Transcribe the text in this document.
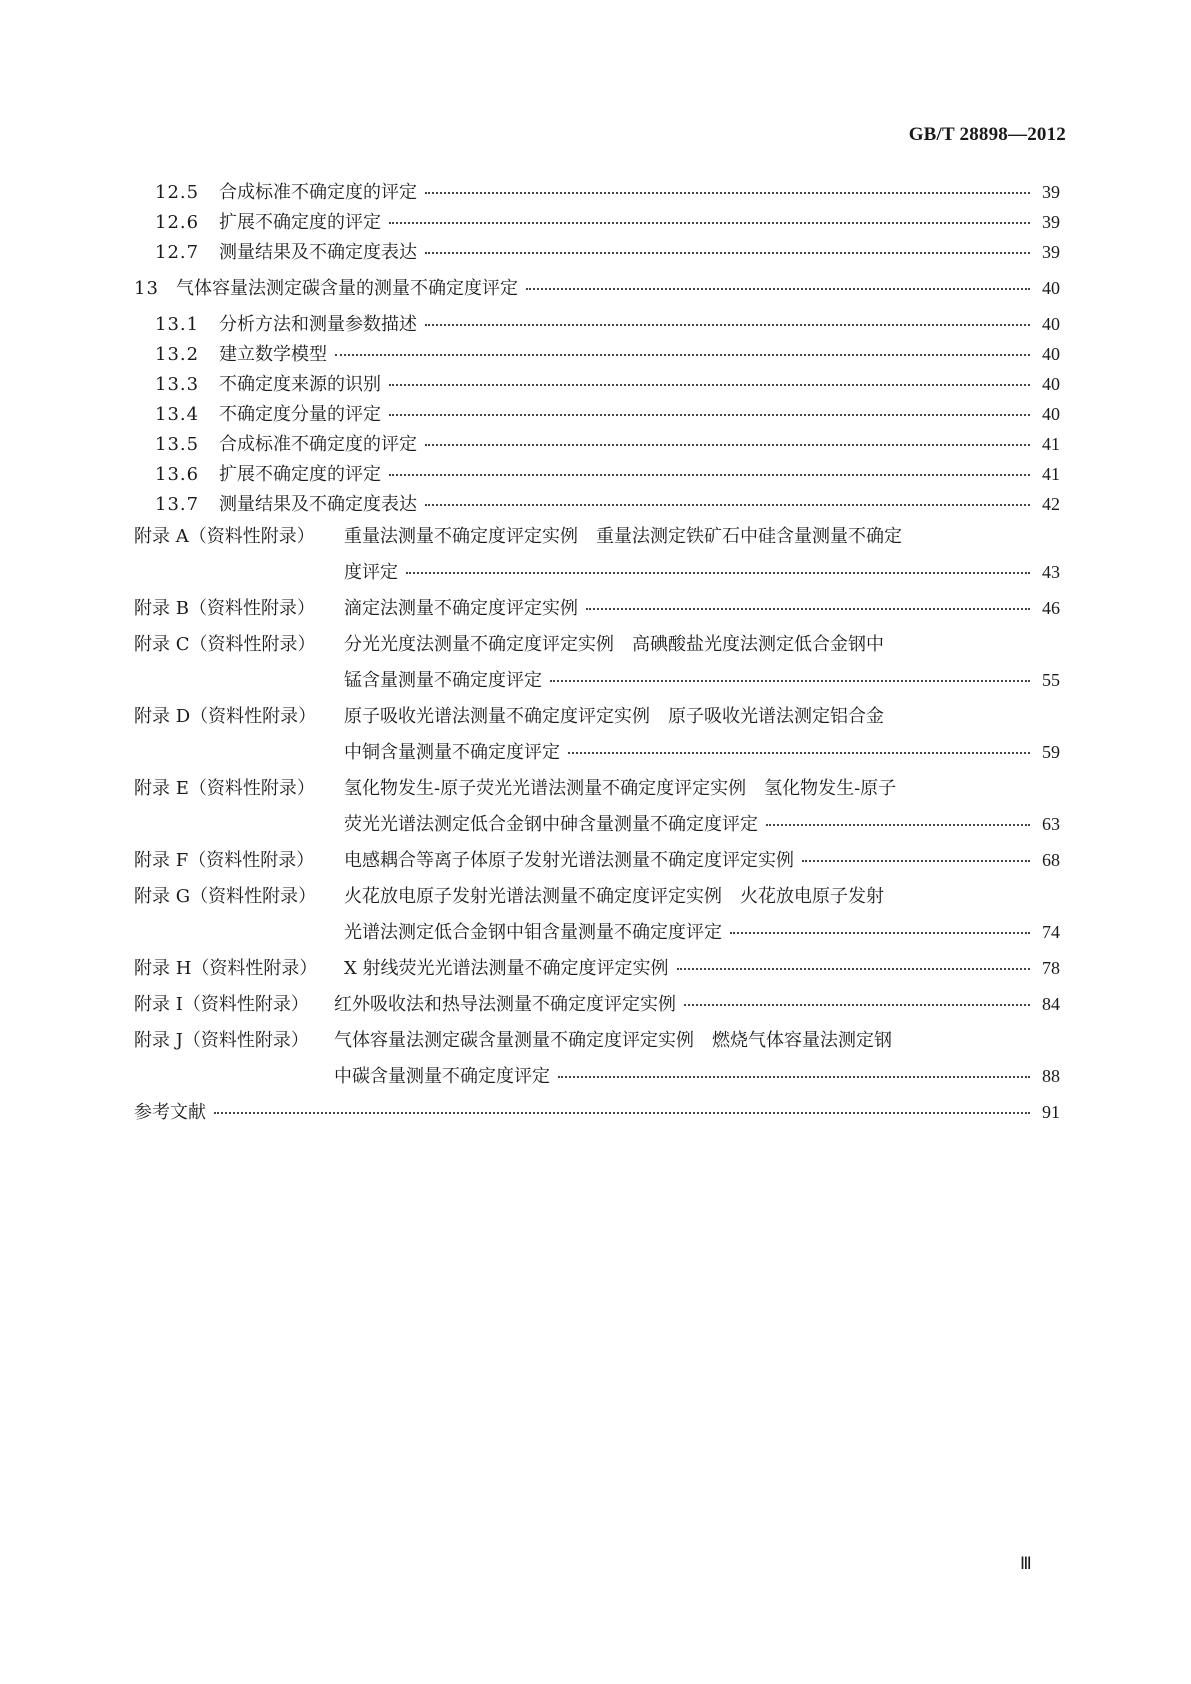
GB/T 28898—2012
12.5	合成标准不确定度的评定	39
12.6	扩展不确定度的评定	39
12.7	测量结果及不确定度表达	39
13 气体容量法测定碳含量的测量不确定度评定	40
13.1	分析方法和测量参数描述	40
13.2	建立数学模型	40
13.3	不确定度来源的识别	40
13.4	不确定度分量的评定	40
13.5	合成标准不确定度的评定	41
13.6	扩展不确定度的评定	41
13.7	测量结果及不确定度表达	42
附录 A（资料性附录）	重量法测量不确定度评定实例　重量法测定铁矿石中硅含量测量不确定
度评定	43
附录 B（资料性附录）	滴定法测量不确定度评定实例	46
附录 C（资料性附录）	分光光度法测量不确定度评定实例　高碘酸盐光度法测定低合金钢中
锰含量测量不确定度评定	55
附录 D（资料性附录）	原子吸收光谱法测量不确定度评定实例　原子吸收光谱法测定铝合金
中铜含量测量不确定度评定	59
附录 E（资料性附录）	氢化物发生-原子荧光光谱法测量不确定度评定实例　氢化物发生-原子
荧光光谱法测定低合金钢中砷含量测量不确定度评定	63
附录 F（资料性附录）	电感耦合等离子体原子发射光谱法测量不确定度评定实例	68
附录 G（资料性附录）	火花放电原子发射光谱法测量不确定度评定实例　火花放电原子发射
光谱法测定低合金钢中钼含量测量不确定度评定	74
附录 H（资料性附录）	X 射线荧光光谱法测量不确定度评定实例	78
附录 I（资料性附录）	红外吸收法和热导法测量不确定度评定实例	84
附录 J（资料性附录）	气体容量法测定碳含量测量不确定度评定实例　燃烧气体容量法测定钢
中碳含量测量不确定度评定	88
参考文献	91
Ⅲ
